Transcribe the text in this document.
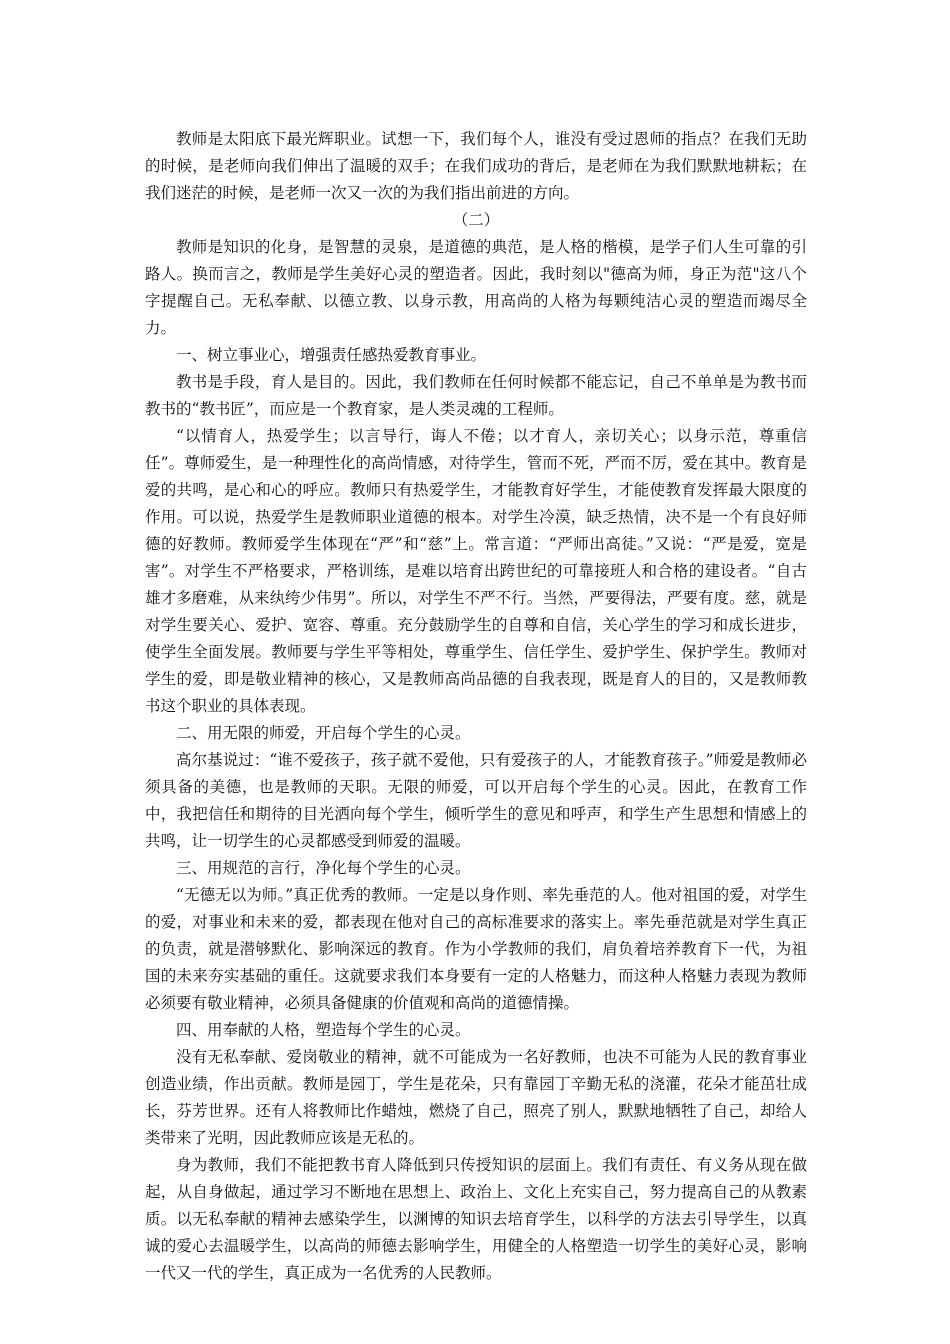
教师是太阳底下最光辉职业。试想一下，我们每个人，谁没有受过恩师的指点？在我们无助的时候，是老师向我们伸出了温暖的双手；在我们成功的背后，是老师在为我们默默地耕耘；在我们迷茫的时候，是老师一次又一次的为我们指出前进的方向。

（二）

教师是知识的化身，是智慧的灵泉，是道德的典范，是人格的楷模，是学子们人生可靠的引路人。换而言之，教师是学生美好心灵的塑造者。因此，我时刻以"德高为师，身正为范"这八个字提醒自己。无私奉献、以德立教、以身示教，用高尚的人格为每颗纯洁心灵的塑造而竭尽全力。

一、树立事业心，增强责任感热爱教育事业。

教书是手段，育人是目的。因此，我们教师在任何时候都不能忘记，自己不单单是为教书而教书的“教书匠”，而应是一个教育家，是人类灵魂的工程师。

“以情育人，热爱学生；以言导行，诲人不倦；以才育人，亲切关心；以身示范，尊重信任”。尊师爱生，是一种理性化的高尚情感，对待学生，管而不死，严而不厉，爱在其中。教育是爱的共鸣，是心和心的呼应。教师只有热爱学生，才能教育好学生，才能使教育发挥最大限度的作用。可以说，热爱学生是教师职业道德的根本。对学生冷漠，缺乏热情，决不是一个有良好师德的好教师。教师爱学生体现在“严”和“慈”上。常言道：“严师出高徒。”又说：“严是爱，宽是害”。对学生不严格要求，严格训练，是难以培育出跨世纪的可靠接班人和合格的建设者。“自古雄才多磨难，从来纨绔少伟男”。所以，对学生不严不行。当然，严要得法，严要有度。慈，就是对学生要关心、爱护、宽容、尊重。充分鼓励学生的自尊和自信，关心学生的学习和成长进步，使学生全面发展。教师要与学生平等相处，尊重学生、信任学生、爱护学生、保护学生。教师对学生的爱，即是敬业精神的核心，又是教师高尚品德的自我表现，既是育人的目的，又是教师教书这个职业的具体表现。

二、用无限的师爱，开启每个学生的心灵。

高尔基说过：“谁不爱孩子，孩子就不爱他，只有爱孩子的人，才能教育孩子。”师爱是教师必须具备的美德，也是教师的天职。无限的师爱，可以开启每个学生的心灵。因此，在教育工作中，我把信任和期待的目光洒向每个学生，倾听学生的意见和呼声，和学生产生思想和情感上的共鸣，让一切学生的心灵都感受到师爱的温暖。

三、用规范的言行，净化每个学生的心灵。

“无德无以为师。”真正优秀的教师。一定是以身作则、率先垂范的人。他对祖国的爱，对学生的爱，对事业和未来的爱，都表现在他对自己的高标准要求的落实上。率先垂范就是对学生真正的负责，就是潜够默化、影响深远的教育。作为小学教师的我们，肩负着培养教育下一代，为祖国的未来夯实基础的重任。这就要求我们本身要有一定的人格魅力，而这种人格魅力表现为教师必须要有敬业精神，必须具备健康的价值观和高尚的道德情操。

四、用奉献的人格，塑造每个学生的心灵。

没有无私奉献、爱岗敬业的精神，就不可能成为一名好教师，也决不可能为人民的教育事业创造业绩，作出贡献。教师是园丁，学生是花朵，只有靠园丁辛勤无私的浇灌，花朵才能茁壮成长，芬芳世界。还有人将教师比作蜡烛，燃烧了自己，照亮了别人，默默地牺牲了自己，却给人类带来了光明，因此教师应该是无私的。

身为教师，我们不能把教书育人降低到只传授知识的层面上。我们有责任、有义务从现在做起，从自身做起，通过学习不断地在思想上、政治上、文化上充实自己，努力提高自己的从教素质。以无私奉献的精神去感染学生，以渊博的知识去培育学生，以科学的方法去引导学生，以真诚的爱心去温暖学生，以高尚的师德去影响学生，用健全的人格塑造一切学生的美好心灵，影响一代又一代的学生，真正成为一名优秀的人民教师。
